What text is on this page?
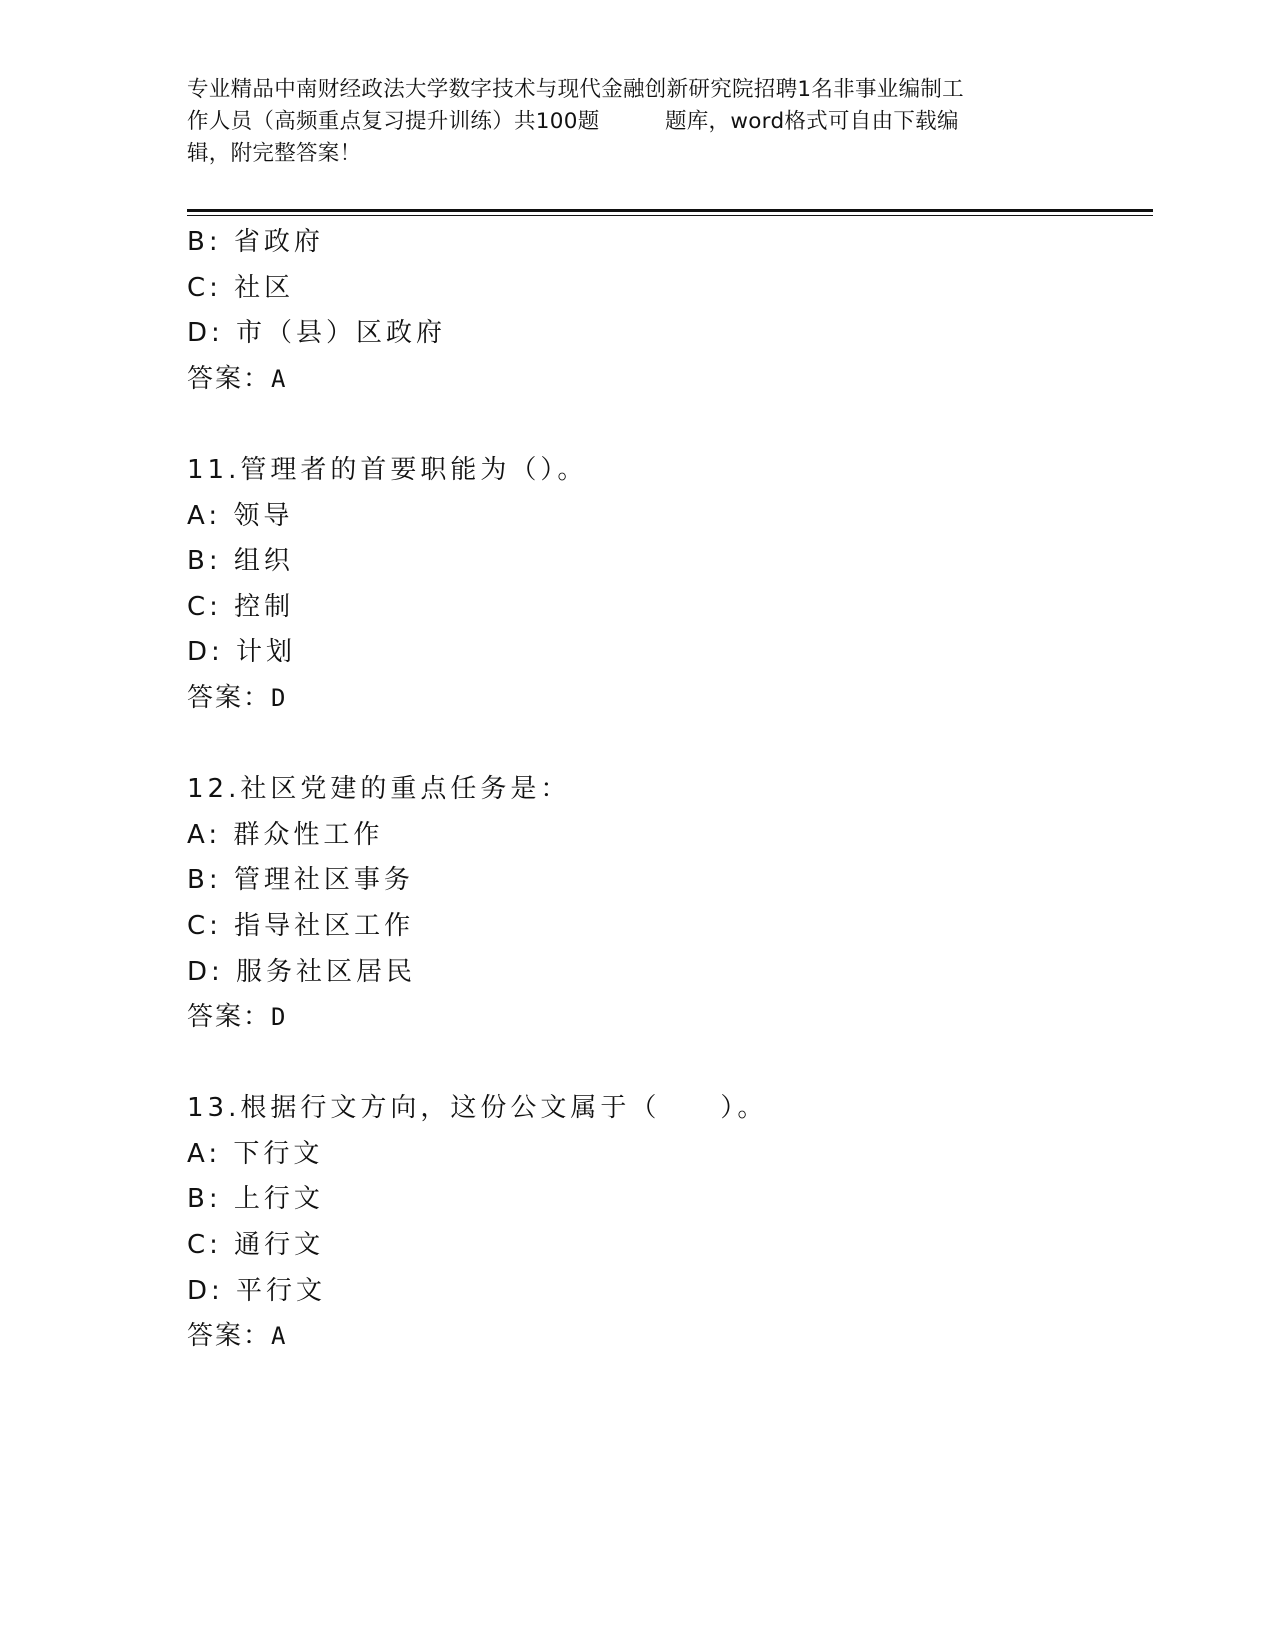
专业精品中南财经政法大学数字技术与现代金融创新研究院招聘1名非事业编制工
作人员（高频重点复习提升训练）共100题　　　题库，word格式可自由下载编
辑，附完整答案！
B: 省政府
C: 社区
D: 市（县）区政府
答案：A
11.管理者的首要职能为（）。
A: 领导
B: 组织
C: 控制
D: 计划
答案：D
12.社区党建的重点任务是：
A: 群众性工作
B: 管理社区事务
C: 指导社区工作
D: 服务社区居民
答案：D
13.根据行文方向，这份公文属于（　　）。
A: 下行文
B: 上行文
C: 通行文
D: 平行文
答案：A
